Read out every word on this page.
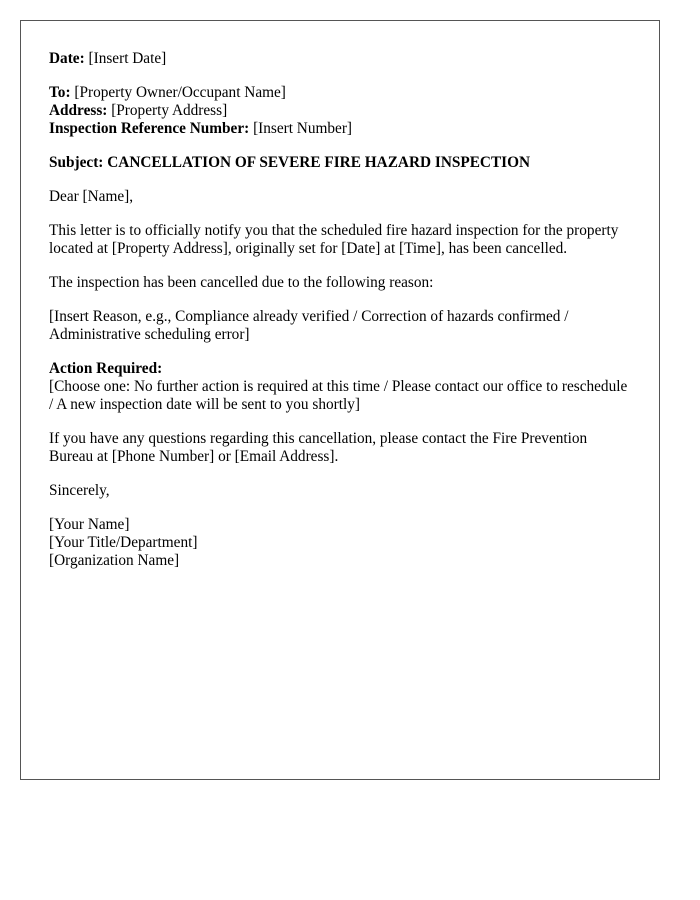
Date: [Insert Date]
To: [Property Owner/Occupant Name]
Address: [Property Address]
Inspection Reference Number: [Insert Number]
Subject: CANCELLATION OF SEVERE FIRE HAZARD INSPECTION
Dear [Name],
This letter is to officially notify you that the scheduled fire hazard inspection for the property located at [Property Address], originally set for [Date] at [Time], has been cancelled.
The inspection has been cancelled due to the following reason:
[Insert Reason, e.g., Compliance already verified / Correction of hazards confirmed / Administrative scheduling error]
Action Required:
[Choose one: No further action is required at this time / Please contact our office to reschedule / A new inspection date will be sent to you shortly]
If you have any questions regarding this cancellation, please contact the Fire Prevention Bureau at [Phone Number] or [Email Address].
Sincerely,
[Your Name]
[Your Title/Department]
[Organization Name]
